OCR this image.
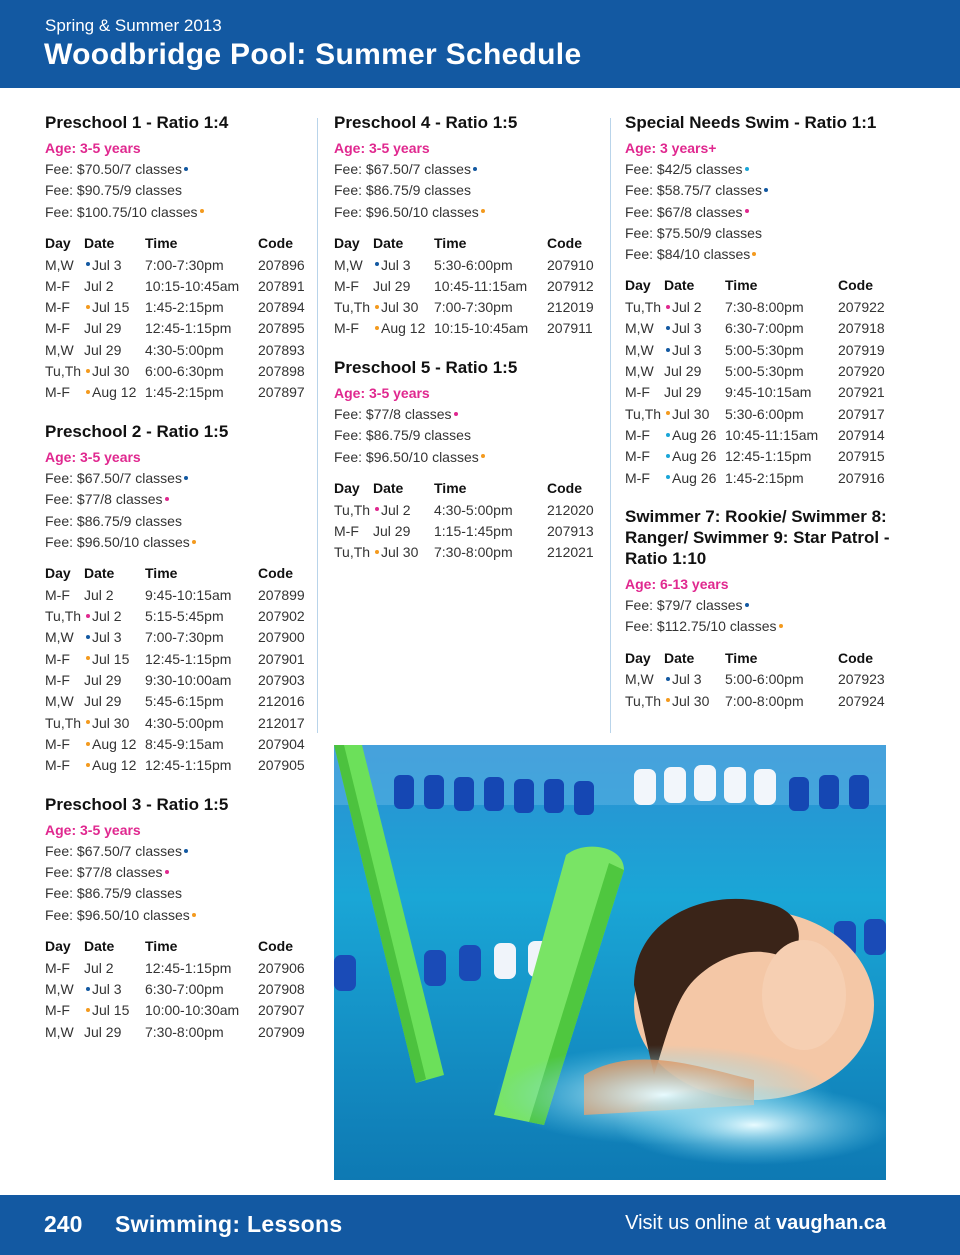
Spring & Summer 2013
Woodbridge Pool: Summer Schedule
Preschool 1 - Ratio 1:4
Age: 3-5 years
Fee: $70.50/7 classes
Fee: $90.75/9 classes
Fee: $100.75/10 classes
Day	Date	Time	Code
M,W	Jul 3	7:00-7:30pm	207896
M-F	Jul 2	10:15-10:45am	207891
M-F	Jul 15	1:45-2:15pm	207894
M-F	Jul 29	12:45-1:15pm	207895
M,W	Jul 29	4:30-5:00pm	207893
Tu,Th	Jul 30	6:00-6:30pm	207898
M-F	Aug 12	1:45-2:15pm	207897
Preschool 2 - Ratio 1:5
Age: 3-5 years
Fee: $67.50/7 classes
Fee: $77/8 classes
Fee: $86.75/9 classes
Fee: $96.50/10 classes
Day	Date	Time	Code
M-F	Jul 2	9:45-10:15am	207899
Tu,Th	Jul 2	5:15-5:45pm	207902
M,W	Jul 3	7:00-7:30pm	207900
M-F	Jul 15	12:45-1:15pm	207901
M-F	Jul 29	9:30-10:00am	207903
M,W	Jul 29	5:45-6:15pm	212016
Tu,Th	Jul 30	4:30-5:00pm	212017
M-F	Aug 12	8:45-9:15am	207904
M-F	Aug 12	12:45-1:15pm	207905
Preschool 3 - Ratio 1:5
Age: 3-5 years
Fee: $67.50/7 classes
Fee: $77/8 classes
Fee: $86.75/9 classes
Fee: $96.50/10 classes
Day	Date	Time	Code
M-F	Jul 2	12:45-1:15pm	207906
M,W	Jul 3	6:30-7:00pm	207908
M-F	Jul 15	10:00-10:30am	207907
M,W	Jul 29	7:30-8:00pm	207909
Preschool 4 - Ratio 1:5
Age: 3-5 years
Fee: $67.50/7 classes
Fee: $86.75/9 classes
Fee: $96.50/10 classes
Day	Date	Time	Code
M,W	Jul 3	5:30-6:00pm	207910
M-F	Jul 29	10:45-11:15am	207912
Tu,Th	Jul 30	7:00-7:30pm	212019
M-F	Aug 12	10:15-10:45am	207911
Preschool 5 - Ratio 1:5
Age: 3-5 years
Fee: $77/8 classes
Fee: $86.75/9 classes
Fee: $96.50/10 classes
Day	Date	Time	Code
Tu,Th	Jul 2	4:30-5:00pm	212020
M-F	Jul 29	1:15-1:45pm	207913
Tu,Th	Jul 30	7:30-8:00pm	212021
Special Needs Swim - Ratio 1:1
Age: 3 years+
Fee: $42/5 classes
Fee: $58.75/7 classes
Fee: $67/8 classes
Fee: $75.50/9 classes
Fee: $84/10 classes
Day	Date	Time	Code
Tu,Th	Jul 2	7:30-8:00pm	207922
M,W	Jul 3	6:30-7:00pm	207918
M,W	Jul 3	5:00-5:30pm	207919
M,W	Jul 29	5:00-5:30pm	207920
M-F	Jul 29	9:45-10:15am	207921
Tu,Th	Jul 30	5:30-6:00pm	207917
M-F	Aug 26	10:45-11:15am	207914
M-F	Aug 26	12:45-1:15pm	207915
M-F	Aug 26	1:45-2:15pm	207916
Swimmer 7: Rookie/ Swimmer 8: Ranger/ Swimmer 9: Star Patrol - Ratio 1:10
Age: 6-13 years
Fee: $79/7 classes
Fee: $112.75/10 classes
Day	Date	Time	Code
M,W	Jul 3	5:00-6:00pm	207923
Tu,Th	Jul 30	7:00-8:00pm	207924
240 Swimming: Lessons	Visit us online at vaughan.ca
